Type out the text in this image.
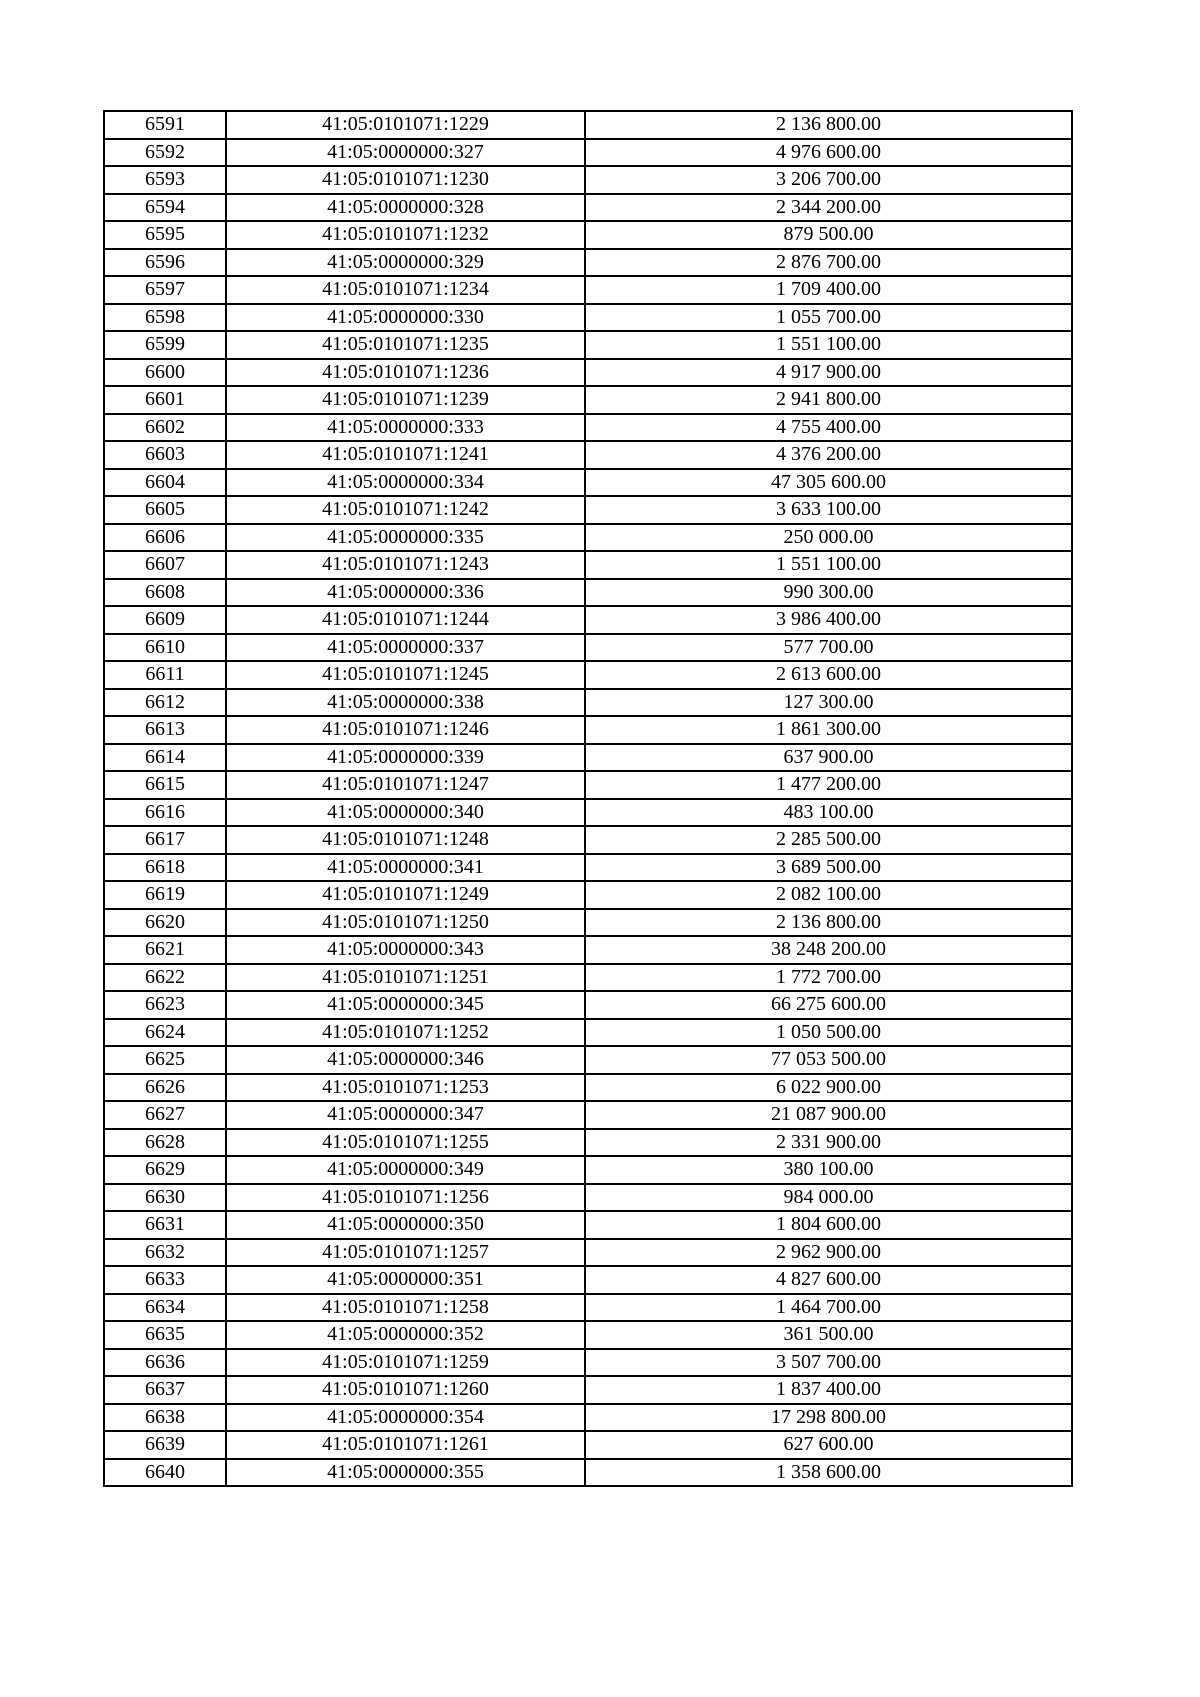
6591	41:05:0101071:1229	2 136 800.00
6592	41:05:0000000:327	4 976 600.00
6593	41:05:0101071:1230	3 206 700.00
6594	41:05:0000000:328	2 344 200.00
6595	41:05:0101071:1232	879 500.00
6596	41:05:0000000:329	2 876 700.00
6597	41:05:0101071:1234	1 709 400.00
6598	41:05:0000000:330	1 055 700.00
6599	41:05:0101071:1235	1 551 100.00
6600	41:05:0101071:1236	4 917 900.00
6601	41:05:0101071:1239	2 941 800.00
6602	41:05:0000000:333	4 755 400.00
6603	41:05:0101071:1241	4 376 200.00
6604	41:05:0000000:334	47 305 600.00
6605	41:05:0101071:1242	3 633 100.00
6606	41:05:0000000:335	250 000.00
6607	41:05:0101071:1243	1 551 100.00
6608	41:05:0000000:336	990 300.00
6609	41:05:0101071:1244	3 986 400.00
6610	41:05:0000000:337	577 700.00
6611	41:05:0101071:1245	2 613 600.00
6612	41:05:0000000:338	127 300.00
6613	41:05:0101071:1246	1 861 300.00
6614	41:05:0000000:339	637 900.00
6615	41:05:0101071:1247	1 477 200.00
6616	41:05:0000000:340	483 100.00
6617	41:05:0101071:1248	2 285 500.00
6618	41:05:0000000:341	3 689 500.00
6619	41:05:0101071:1249	2 082 100.00
6620	41:05:0101071:1250	2 136 800.00
6621	41:05:0000000:343	38 248 200.00
6622	41:05:0101071:1251	1 772 700.00
6623	41:05:0000000:345	66 275 600.00
6624	41:05:0101071:1252	1 050 500.00
6625	41:05:0000000:346	77 053 500.00
6626	41:05:0101071:1253	6 022 900.00
6627	41:05:0000000:347	21 087 900.00
6628	41:05:0101071:1255	2 331 900.00
6629	41:05:0000000:349	380 100.00
6630	41:05:0101071:1256	984 000.00
6631	41:05:0000000:350	1 804 600.00
6632	41:05:0101071:1257	2 962 900.00
6633	41:05:0000000:351	4 827 600.00
6634	41:05:0101071:1258	1 464 700.00
6635	41:05:0000000:352	361 500.00
6636	41:05:0101071:1259	3 507 700.00
6637	41:05:0101071:1260	1 837 400.00
6638	41:05:0000000:354	17 298 800.00
6639	41:05:0101071:1261	627 600.00
6640	41:05:0000000:355	1 358 600.00
